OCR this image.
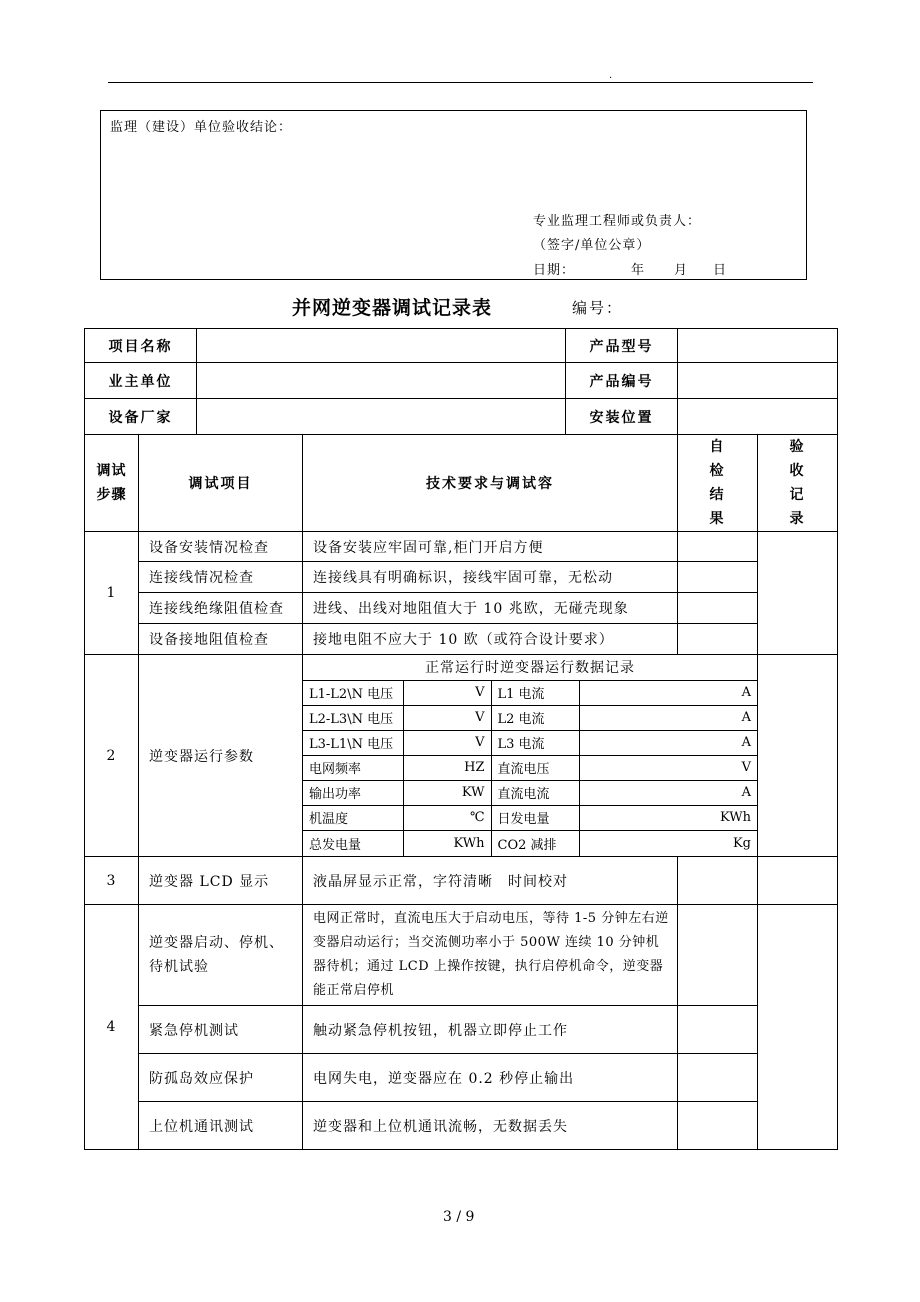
.
监理（建设）单位验收结论：
专业监理工程师或负责人：
（签字/单位公章）
日期：	年 月 日
并网逆变器调试记录表	编号：
项目名称		产品型号	
业主单位		产品编号	
设备厂家		安装位置	
调试步骤	调试项目	技术要求与调试容	自检结果	验收记录
1	设备安装情况检查	设备安装应牢固可靠,柜门开启方便		
连接线情况检查	连接线具有明确标识，接线牢固可靠，无松动	
连接线绝缘阻值检查	进线、出线对地阻值大于 10 兆欧，无碰壳现象	
设备接地阻值检查	接地电阻不应大于 10 欧（或符合设计要求）	
2	逆变器运行参数	
正常运行时逆变器运行数据记录
L1-L2\N 电压	V	L1 电流	A
L2-L3\N 电压	V	L2 电流	A
L3-L1\N 电压	V	L3 电流	A
电网频率	HZ	直流电压	V
输出功率	KW	直流电流	A
机温度	℃	日发电量	KWh
总发电量	KWh	CO2 减排	Kg

3	逆变器 LCD 显示	液晶屏显示正常，字符清晰　时间校对		
4	逆变器启动、停机、待机试验	电网正常时，直流电压大于启动电压，等待 1-5 分钟左右逆变器启动运行；当交流侧功率小于 500W 连续 10 分钟机器待机；通过 LCD 上操作按键，执行启停机命令，逆变器能正常启停机		
紧急停机测试	触动紧急停机按钮，机器立即停止工作	
防孤岛效应保护	电网失电，逆变器应在 0.2 秒停止输出	
上位机通讯测试	逆变器和上位机通讯流畅，无数据丢失	
3 / 9
